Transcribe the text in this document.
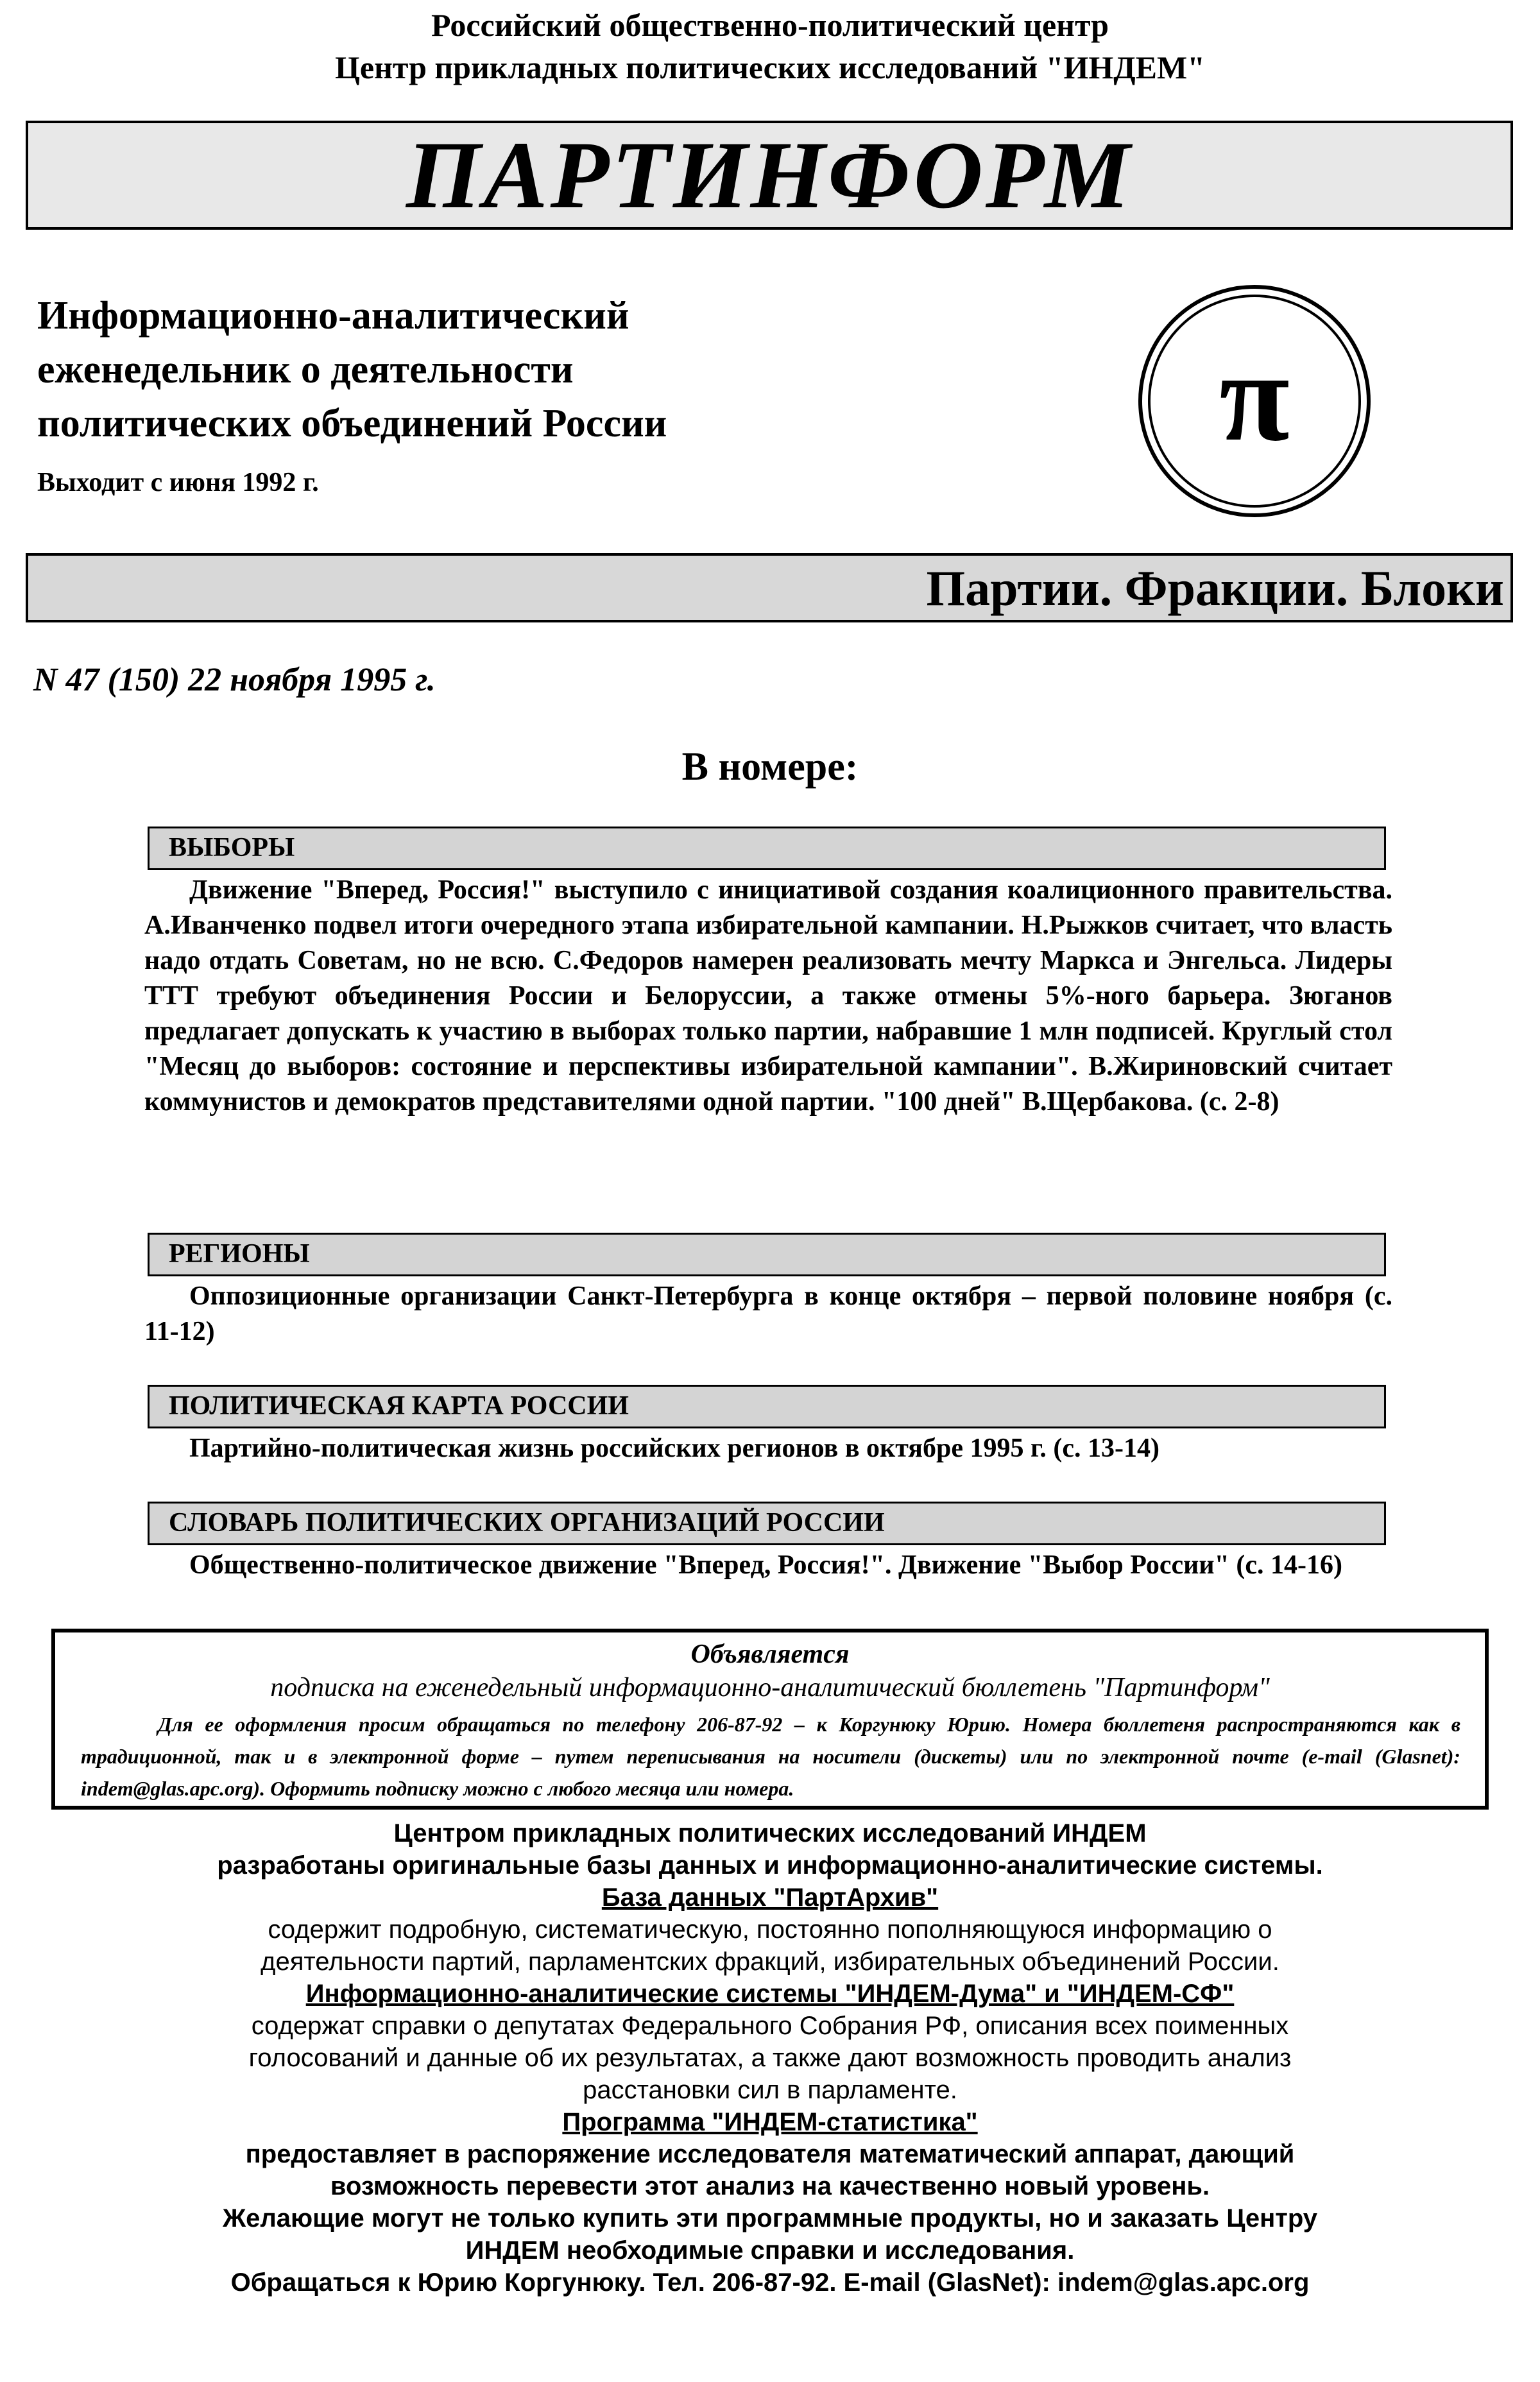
Российский общественно-политический центр
Центр прикладных политических исследований "ИНДЕМ"
ПАРТИНФОРМ
Информационно-аналитический
еженедельник о деятельности
политических объединений России
Выходит с июня 1992 г.
π
Партии. Фракции. Блоки
N 47 (150) 22 ноября 1995 г.
В номере:
ВЫБОРЫ
Движение "Вперед, Россия!" выступило с инициативой создания коалиционного правительства. А.Иванченко подвел итоги очередного этапа избирательной кампании. Н.Рыжков считает, что власть надо отдать Советам, но не всю. С.Федоров намерен реализовать мечту Маркса и Энгельса. Лидеры ТТТ требуют объединения России и Белоруссии, а также отмены 5%-ного барьера. Зюганов предлагает допускать к участию в выборах только партии, набравшие 1 млн подписей. Круглый стол "Месяц до выборов: состояние и перспективы избирательной кампании". В.Жириновский считает коммунистов и демократов представителями одной партии. "100 дней" В.Щербакова. (с. 2-8)
РЕГИОНЫ
Оппозиционные организации Санкт-Петербурга в конце октября – первой половине ноября (с. 11-12)
ПОЛИТИЧЕСКАЯ КАРТА РОССИИ
Партийно-политическая жизнь российских регионов в октябре 1995 г. (с. 13-14)
СЛОВАРЬ ПОЛИТИЧЕСКИХ ОРГАНИЗАЦИЙ РОССИИ
Общественно-политическое движение "Вперед, Россия!". Движение "Выбор России" (с. 14-16)
Объявляется
подписка на еженедельный информационно-аналитический бюллетень "Партинформ"
Для ее оформления просим обращаться по телефону 206-87-92 – к Коргунюку Юрию. Номера бюллетеня распространяются как в традиционной, так и в электронной форме – путем переписывания на носители (дискеты) или по электронной почте (e-mail (Glasnet): indem@glas.apc.org). Оформить подписку можно с любого месяца или номера.
Центром прикладных политических исследований ИНДЕМ
разработаны оригинальные базы данных и информационно-аналитические системы.
База данных "ПартАрхив"
содержит подробную, систематическую, постоянно пополняющуюся информацию о
деятельности партий, парламентских фракций, избирательных объединений России.
Информационно-аналитические системы "ИНДЕМ-Дума" и "ИНДЕМ-СФ"
содержат справки о депутатах Федерального Собрания РФ, описания всех поименных
голосований и данные об их результатах, а также дают возможность проводить анализ
расстановки сил в парламенте.
Программа "ИНДЕМ-статистика"
предоставляет в распоряжение исследователя математический аппарат, дающий
возможность перевести этот анализ на качественно новый уровень.
Желающие могут не только купить эти программные продукты, но и заказать Центру
ИНДЕМ необходимые справки и исследования.
Обращаться к Юрию Коргунюку. Тел. 206-87-92. E-mail (GlasNet): indem@glas.apc.org
